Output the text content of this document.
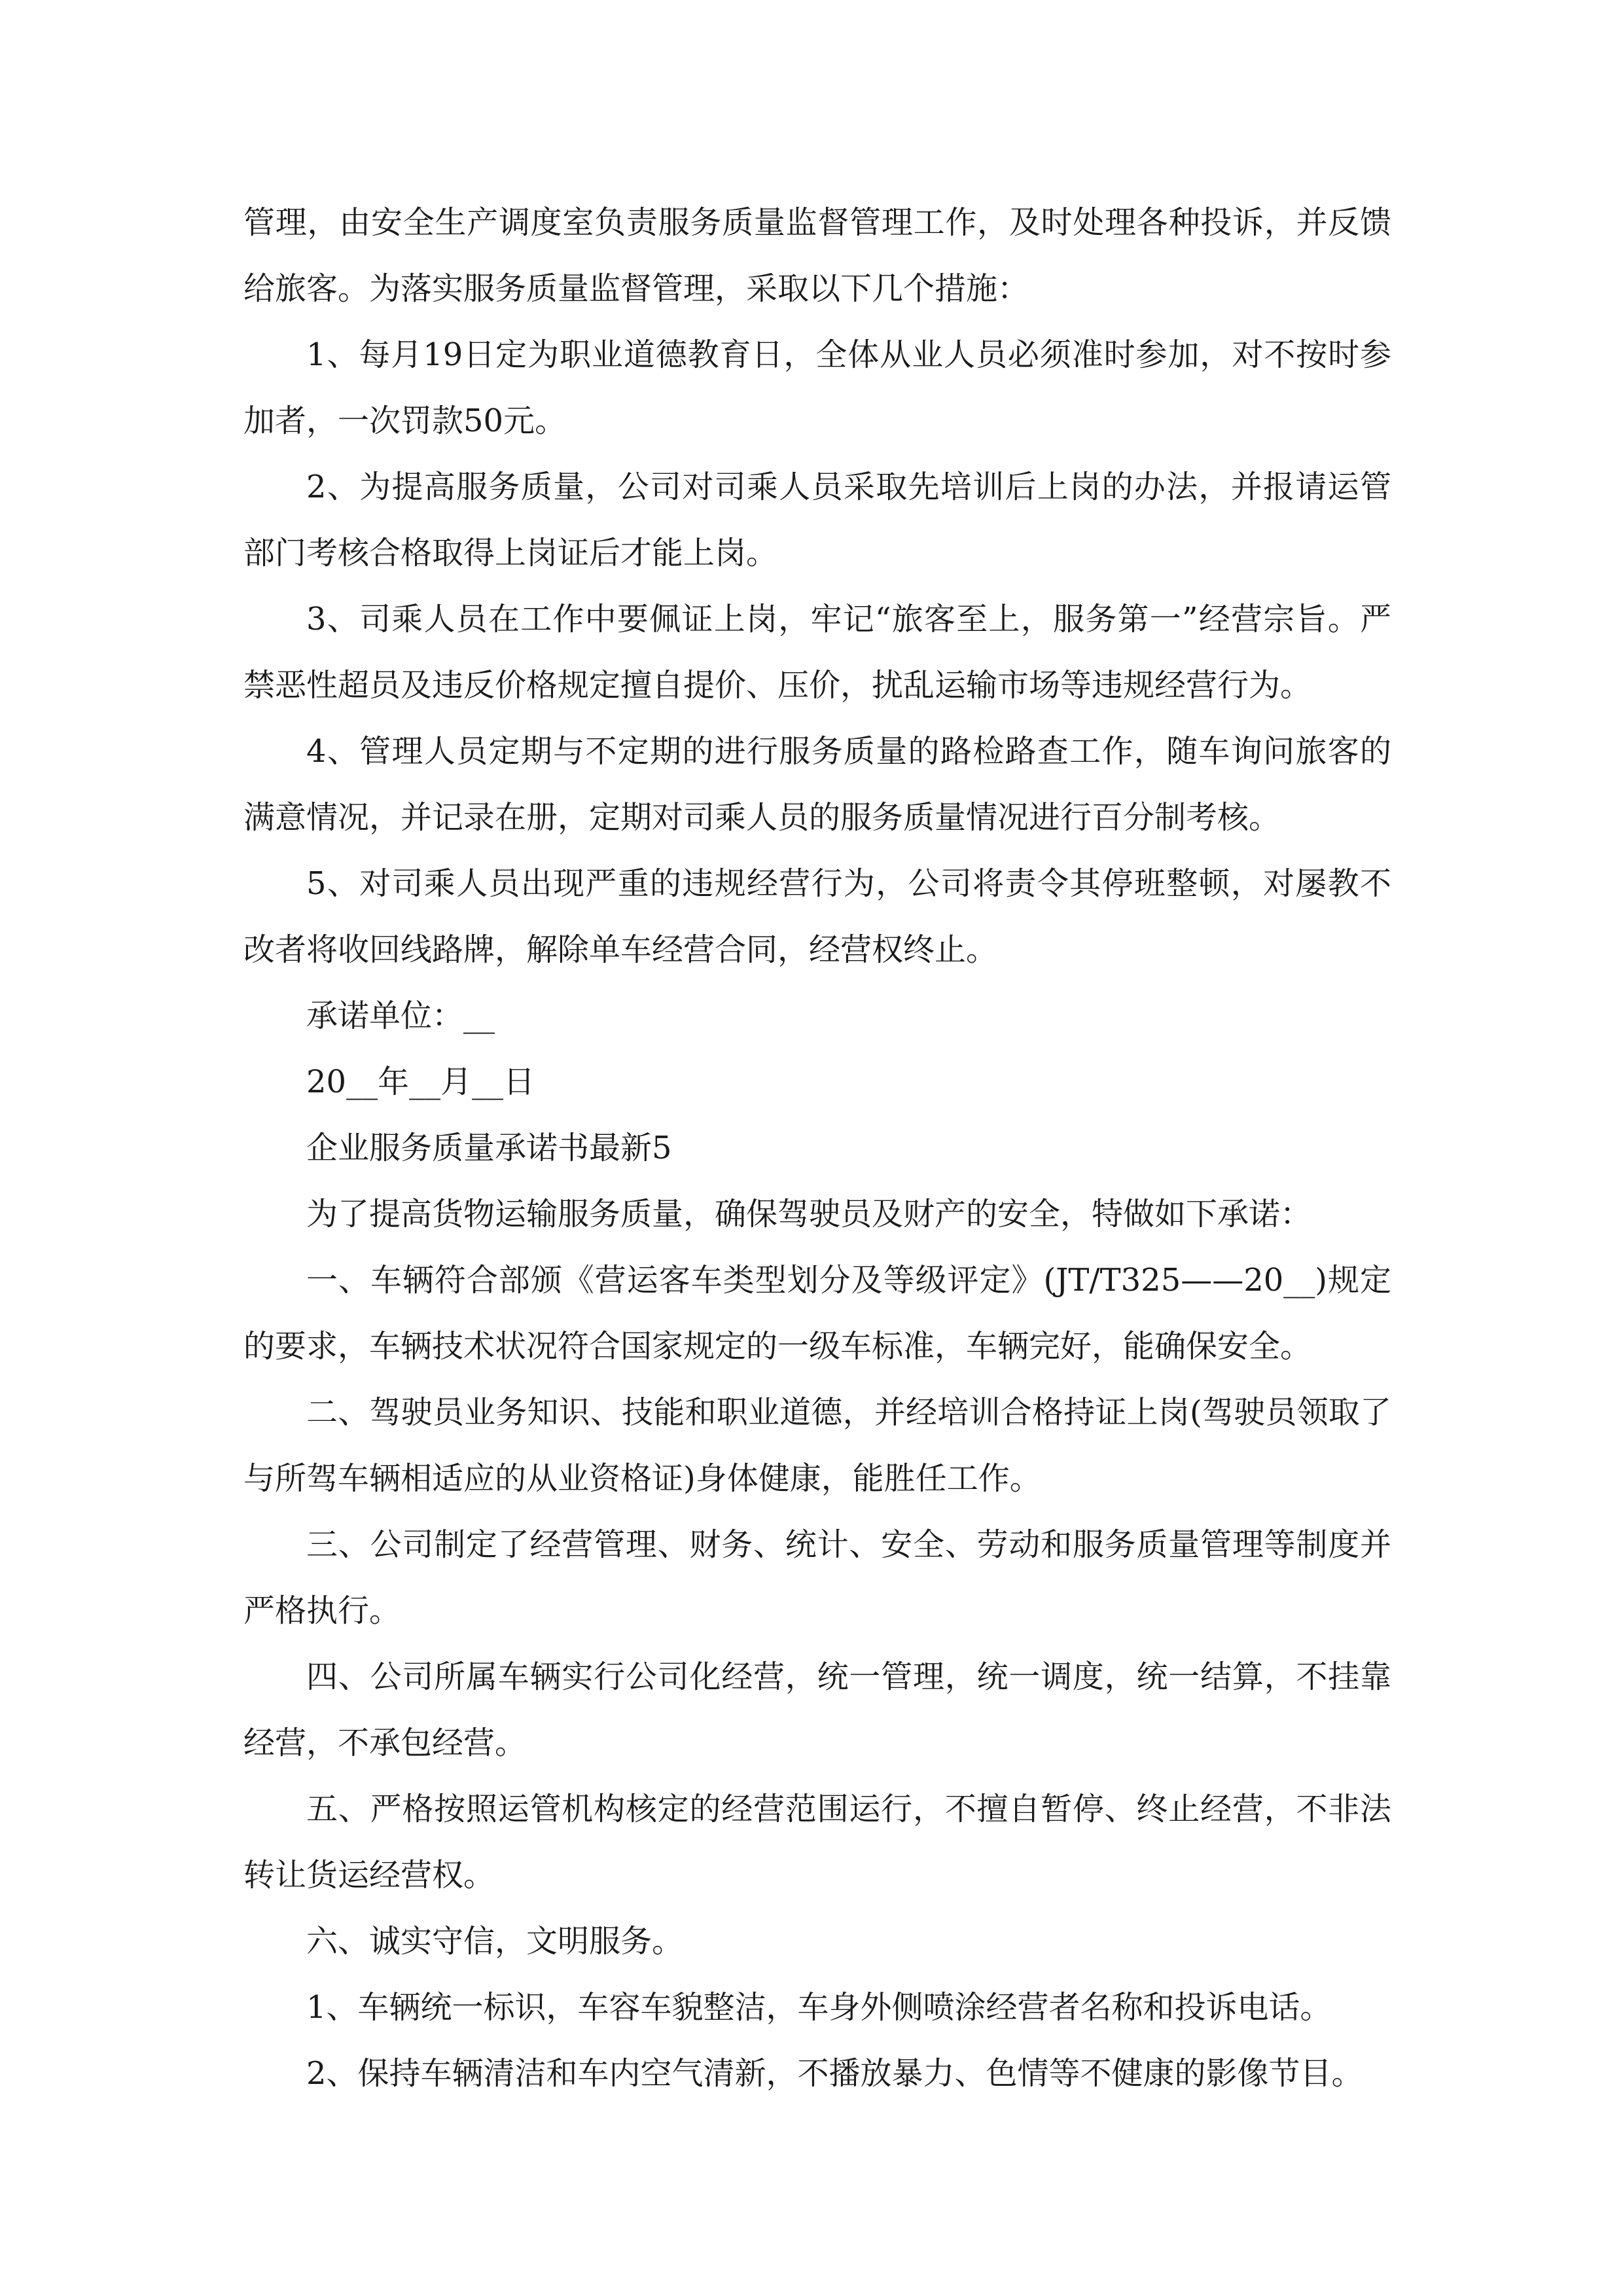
管理，由安全生产调度室负责服务质量监督管理工作，及时处理各种投诉，并反馈给旅客。为落实服务质量监督管理，采取以下几个措施：

1、每月19日定为职业道德教育日，全体从业人员必须准时参加，对不按时参加者，一次罚款50元。

2、为提高服务质量，公司对司乘人员采取先培训后上岗的办法，并报请运管部门考核合格取得上岗证后才能上岗。

3、司乘人员在工作中要佩证上岗，牢记“旅客至上，服务第一”经营宗旨。严禁恶性超员及违反价格规定擅自提价、压价，扰乱运输市场等违规经营行为。

4、管理人员定期与不定期的进行服务质量的路检路查工作，随车询问旅客的满意情况，并记录在册，定期对司乘人员的服务质量情况进行百分制考核。

5、对司乘人员出现严重的违规经营行为，公司将责令其停班整顿，对屡教不改者将收回线路牌，解除单车经营合同，经营权终止。

承诺单位：__

20__年__月__日

企业服务质量承诺书最新5

为了提高货物运输服务质量，确保驾驶员及财产的安全，特做如下承诺：

一、车辆符合部颁《营运客车类型划分及等级评定》(JT/T325——20__)规定的要求，车辆技术状况符合国家规定的一级车标准，车辆完好，能确保安全。

二、驾驶员业务知识、技能和职业道德，并经培训合格持证上岗(驾驶员领取了与所驾车辆相适应的从业资格证)身体健康，能胜任工作。

三、公司制定了经营管理、财务、统计、安全、劳动和服务质量管理等制度并严格执行。

四、公司所属车辆实行公司化经营，统一管理，统一调度，统一结算，不挂靠经营，不承包经营。

五、严格按照运管机构核定的经营范围运行，不擅自暂停、终止经营，不非法转让货运经营权。

六、诚实守信，文明服务。

1、车辆统一标识，车容车貌整洁，车身外侧喷涂经营者名称和投诉电话。

2、保持车辆清洁和车内空气清新，不播放暴力、色情等不健康的影像节目。
